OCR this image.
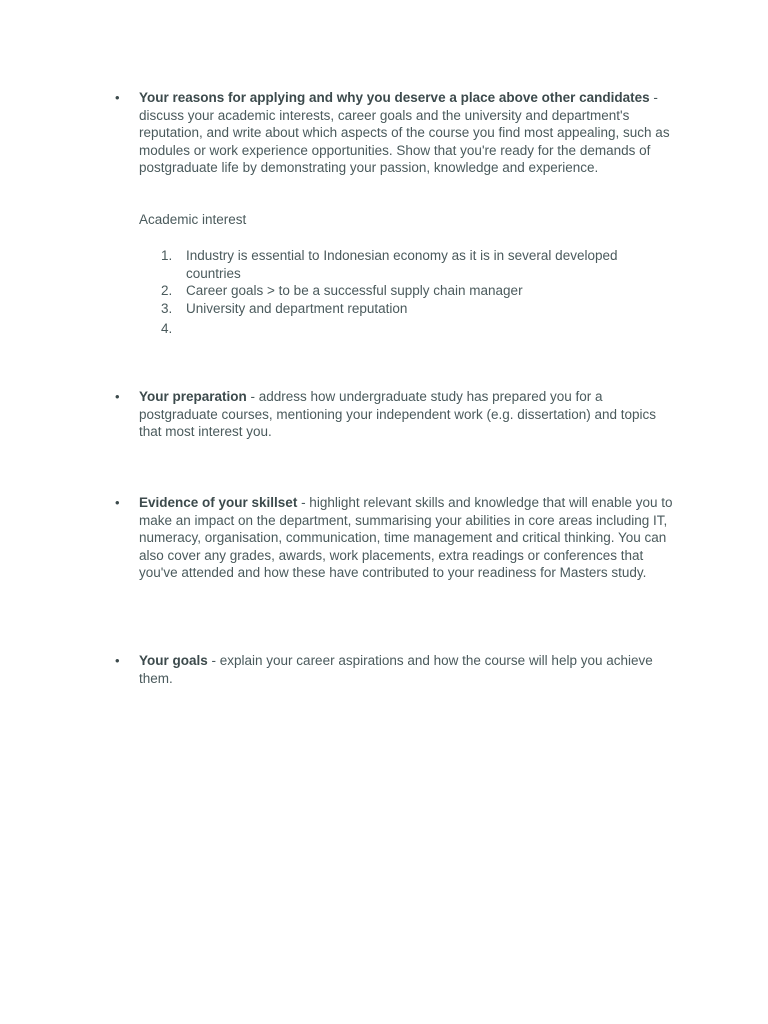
• Your reasons for applying and why you deserve a place above other candidates - discuss your academic interests, career goals and the university and department's reputation, and write about which aspects of the course you find most appealing, such as modules or work experience opportunities. Show that you're ready for the demands of postgraduate life by demonstrating your passion, knowledge and experience.
Academic interest
1.	Industry is essential to Indonesian economy as it is in several developed countries
2.	Career goals > to be a successful supply chain manager
3.	University and department reputation
4.
• Your preparation - address how undergraduate study has prepared you for a postgraduate courses, mentioning your independent work (e.g. dissertation) and topics that most interest you.
• Evidence of your skillset - highlight relevant skills and knowledge that will enable you to make an impact on the department, summarising your abilities in core areas including IT, numeracy, organisation, communication, time management and critical thinking. You can also cover any grades, awards, work placements, extra readings or conferences that you've attended and how these have contributed to your readiness for Masters study.
• Your goals - explain your career aspirations and how the course will help you achieve them.
